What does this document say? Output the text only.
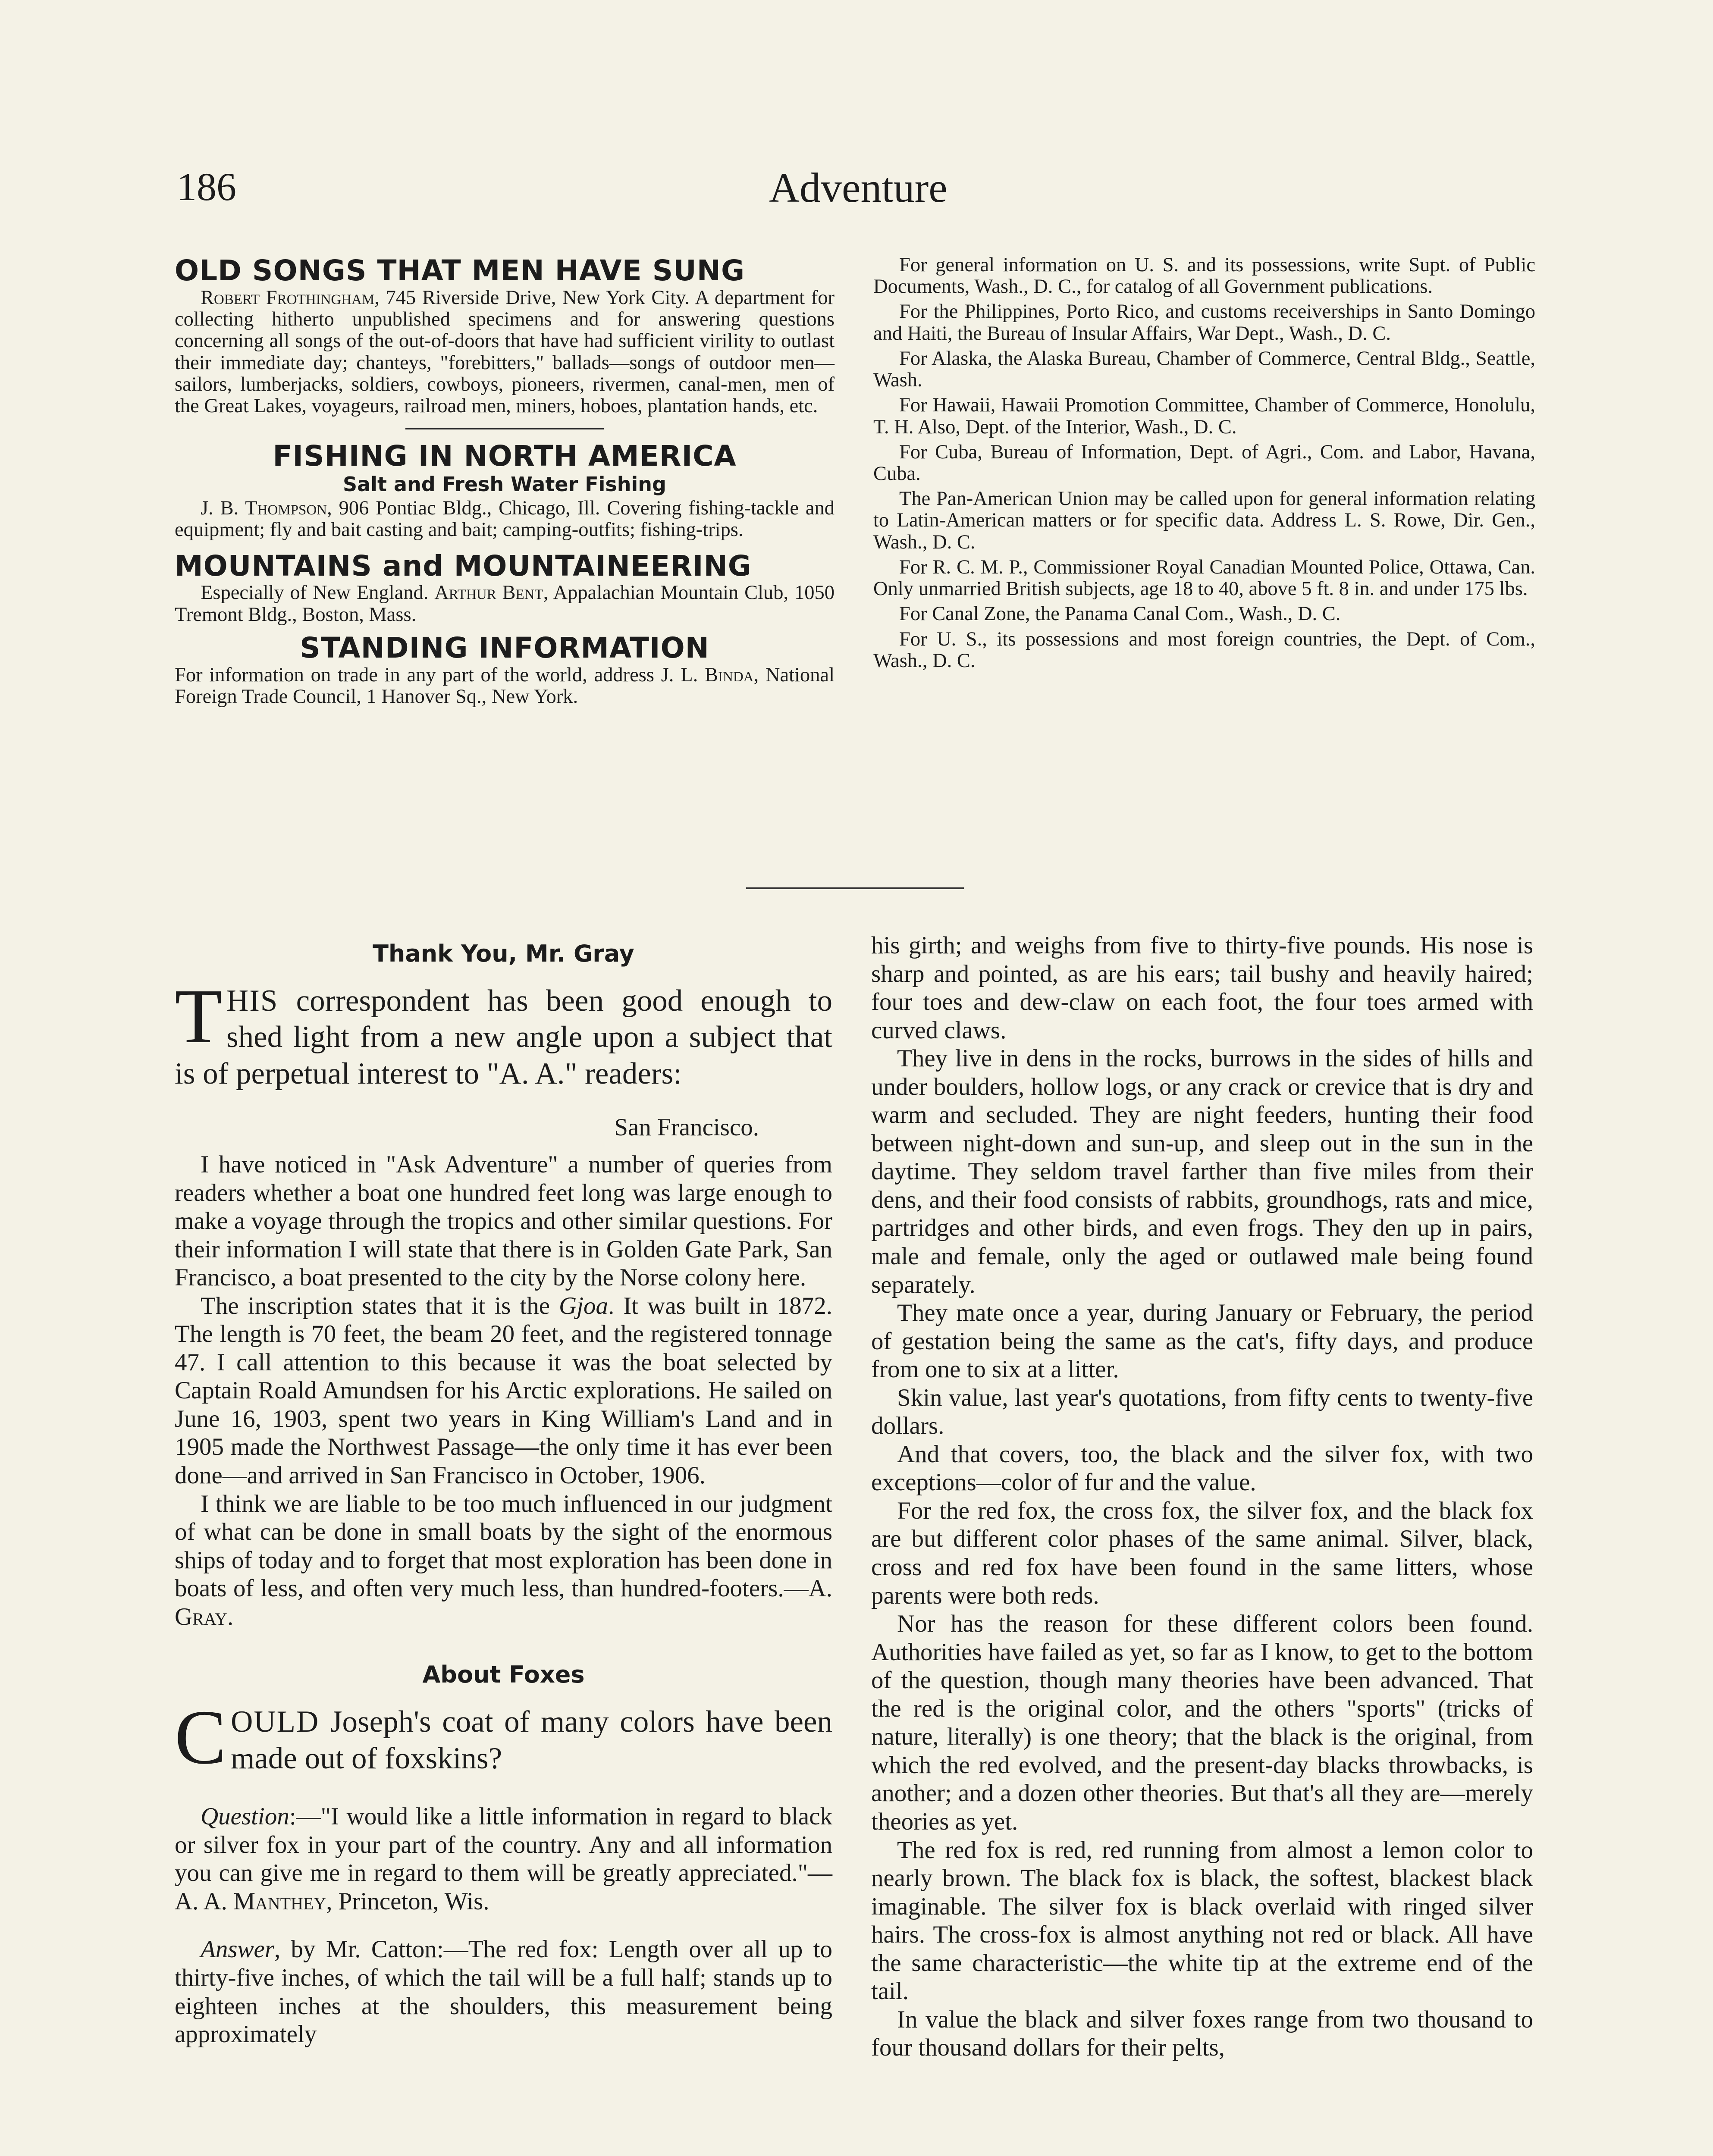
186	Adventure
OLD SONGS THAT MEN HAVE SUNG

Robert Frothingham, 745 Riverside Drive, New York City. A department for collecting hitherto unpublished specimens and for answering questions concerning all songs of the out-of-doors that have had sufficient virility to outlast their immediate day; chanteys, "forebitters," ballads—songs of outdoor men—sailors, lumberjacks, soldiers, cowboys, pioneers, rivermen, canal-men, men of the Great Lakes, voyageurs, railroad men, miners, hoboes, plantation hands, etc.

FISHING IN NORTH AMERICA
Salt and Fresh Water Fishing

J. B. Thompson, 906 Pontiac Bldg., Chicago, Ill. Covering fishing-tackle and equipment; fly and bait casting and bait; camping-outfits; fishing-trips.

MOUNTAINS and MOUNTAINEERING

Especially of New England. Arthur Bent, Appalachian Mountain Club, 1050 Tremont Bldg., Boston, Mass.

STANDING INFORMATION

For information on trade in any part of the world, address J. L. Binda, National Foreign Trade Council, 1 Hanover Sq., New York.

For general information on U. S. and its possessions, write Supt. of Public Documents, Wash., D. C., for catalog of all Government publications.

For the Philippines, Porto Rico, and customs receiverships in Santo Domingo and Haiti, the Bureau of Insular Affairs, War Dept., Wash., D. C.

For Alaska, the Alaska Bureau, Chamber of Commerce, Central Bldg., Seattle, Wash.

For Hawaii, Hawaii Promotion Committee, Chamber of Commerce, Honolulu, T. H. Also, Dept. of the Interior, Wash., D. C.

For Cuba, Bureau of Information, Dept. of Agri., Com. and Labor, Havana, Cuba.

The Pan-American Union may be called upon for general information relating to Latin-American matters or for specific data. Address L. S. Rowe, Dir. Gen., Wash., D. C.

For R. C. M. P., Commissioner Royal Canadian Mounted Police, Ottawa, Can. Only unmarried British subjects, age 18 to 40, above 5 ft. 8 in. and under 175 lbs.

For Canal Zone, the Panama Canal Com., Wash., D. C.

For U. S., its possessions and most foreign countries, the Dept. of Com., Wash., D. C.

Thank You, Mr. Gray
THIS correspondent has been good enough to shed light from a new angle upon a subject that is of perpetual interest to "A. A." readers:
San Francisco.

I have noticed in "Ask Adventure" a number of queries from readers whether a boat one hundred feet long was large enough to make a voyage through the tropics and other similar questions. For their information I will state that there is in Golden Gate Park, San Francisco, a boat presented to the city by the Norse colony here.

The inscription states that it is the Gjoa. It was built in 1872. The length is 70 feet, the beam 20 feet, and the registered tonnage 47. I call attention to this because it was the boat selected by Captain Roald Amundsen for his Arctic explorations. He sailed on June 16, 1903, spent two years in King William's Land and in 1905 made the Northwest Passage—the only time it has ever been done—and arrived in San Francisco in October, 1906.

I think we are liable to be too much influenced in our judgment of what can be done in small boats by the sight of the enormous ships of today and to forget that most exploration has been done in boats of less, and often very much less, than hundred-footers.—A. Gray.

About Foxes
COULD Joseph's coat of many colors have been made out of foxskins?

Question:—"I would like a little information in regard to black or silver fox in your part of the country. Any and all information you can give me in regard to them will be greatly appreciated."—A. A. Manthey, Princeton, Wis.

Answer, by Mr. Catton:—The red fox: Length over all up to thirty-five inches, of which the tail will be a full half; stands up to eighteen inches at the shoulders, this measurement being approximately

his girth; and weighs from five to thirty-five pounds. His nose is sharp and pointed, as are his ears; tail bushy and heavily haired; four toes and dew-claw on each foot, the four toes armed with curved claws.

They live in dens in the rocks, burrows in the sides of hills and under boulders, hollow logs, or any crack or crevice that is dry and warm and secluded. They are night feeders, hunting their food between night-down and sun-up, and sleep out in the sun in the daytime. They seldom travel farther than five miles from their dens, and their food consists of rabbits, groundhogs, rats and mice, partridges and other birds, and even frogs. They den up in pairs, male and female, only the aged or outlawed male being found separately.

They mate once a year, during January or February, the period of gestation being the same as the cat's, fifty days, and produce from one to six at a litter.

Skin value, last year's quotations, from fifty cents to twenty-five dollars.

And that covers, too, the black and the silver fox, with two exceptions—color of fur and the value.

For the red fox, the cross fox, the silver fox, and the black fox are but different color phases of the same animal. Silver, black, cross and red fox have been found in the same litters, whose parents were both reds.

Nor has the reason for these different colors been found. Authorities have failed as yet, so far as I know, to get to the bottom of the question, though many theories have been advanced. That the red is the original color, and the others "sports" (tricks of nature, literally) is one theory; that the black is the original, from which the red evolved, and the present-day blacks throwbacks, is another; and a dozen other theories. But that's all they are—merely theories as yet.

The red fox is red, red running from almost a lemon color to nearly brown. The black fox is black, the softest, blackest black imaginable. The silver fox is black overlaid with ringed silver hairs. The cross-fox is almost anything not red or black. All have the same characteristic—the white tip at the extreme end of the tail.

In value the black and silver foxes range from two thousand to four thousand dollars for their pelts,
